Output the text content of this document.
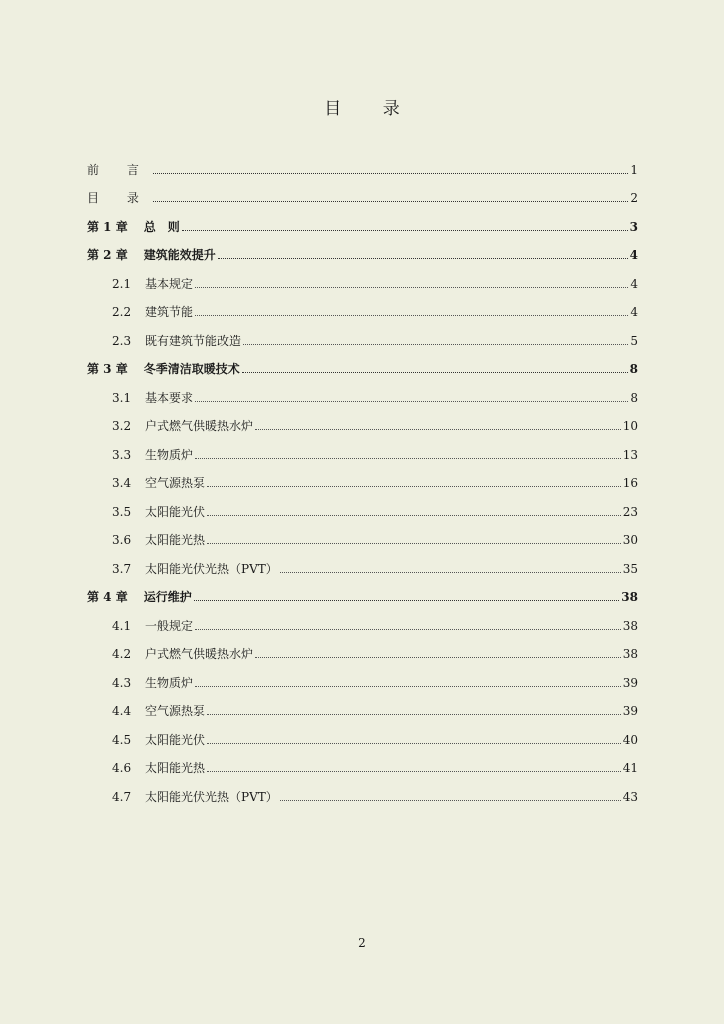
目 录
前 言	1
目 录	2
第 1 章 总　则	3
第 2 章 建筑能效提升	4
2.1	基本规定	4
2.2	建筑节能	4
2.3	既有建筑节能改造	5
第 3 章 冬季清洁取暖技术	8
3.1	基本要求	8
3.2	户式燃气供暖热水炉	10
3.3	生物质炉	13
3.4	空气源热泵	16
3.5	太阳能光伏	23
3.6	太阳能光热	30
3.7	太阳能光伏光热（PVT）	35
第 4 章 运行维护	38
4.1	一般规定	38
4.2	户式燃气供暖热水炉	38
4.3	生物质炉	39
4.4	空气源热泵	39
4.5	太阳能光伏	40
4.6	太阳能光热	41
4.7	太阳能光伏光热（PVT）	43
2
